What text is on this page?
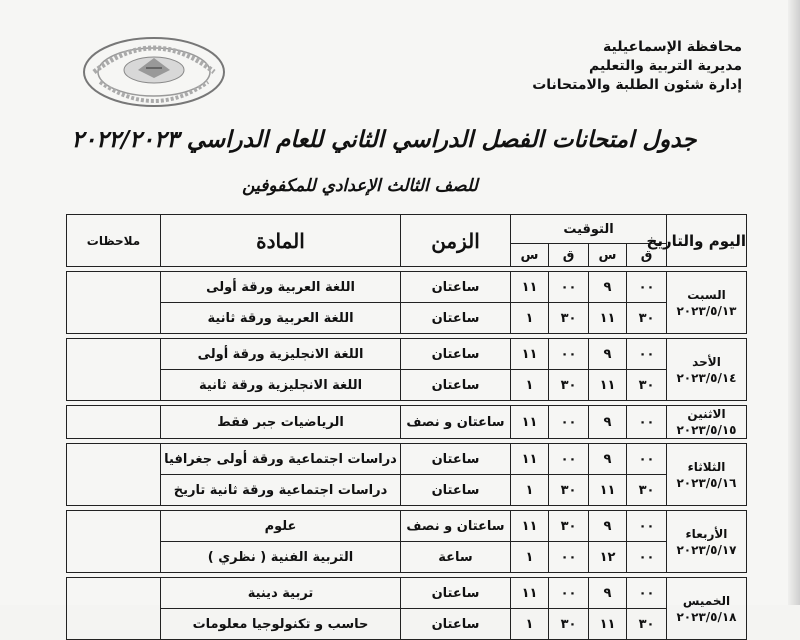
محافظة الإسماعيلية
مديرية التربية والتعليم
إدارة شئون الطلبة والامتحانات
جدول امتحانات الفصل الدراسي الثاني للعام الدراسي ٢٠٢٢/٢٠٢٣
للصف الثالث الإعدادي للمكفوفين
اليوم والتاريخ	التوقيت				الزمن	المادة	ملاحظات
	ق	س	ق	س			

السبت
٢٠٢٣/٥/١٣	٠٠	٩	٠٠	١١	ساعتان	اللغة العربية ورقة أولى	
	٣٠	١١	٣٠	١	ساعتان	اللغة العربية ورقة ثانية	

الأحد
٢٠٢٣/٥/١٤	٠٠	٩	٠٠	١١	ساعتان	اللغة الانجليزية ورقة أولى	
	٣٠	١١	٣٠	١	ساعتان	اللغة الانجليزية ورقة ثانية	

الاثنين
٢٠٢٣/٥/١٥	٠٠	٩	٠٠	١١	ساعتان و نصف	الرياضيات جبر فقط	

الثلاثاء
٢٠٢٣/٥/١٦	٠٠	٩	٠٠	١١	ساعتان	دراسات اجتماعية ورقة أولى جغرافيا	
	٣٠	١١	٣٠	١	ساعتان	دراسات اجتماعية ورقة ثانية تاريخ	

الأربعاء
٢٠٢٣/٥/١٧	٠٠	٩	٣٠	١١	ساعتان و نصف	علوم	
	٠٠	١٢	٠٠	١	ساعة	التربية الفنية ( نظري )	

الخميس
٢٠٢٣/٥/١٨	٠٠	٩	٠٠	١١	ساعتان	تربية دينية	
	٣٠	١١	٣٠	١	ساعتان	حاسب و تكنولوجيا معلومات	
